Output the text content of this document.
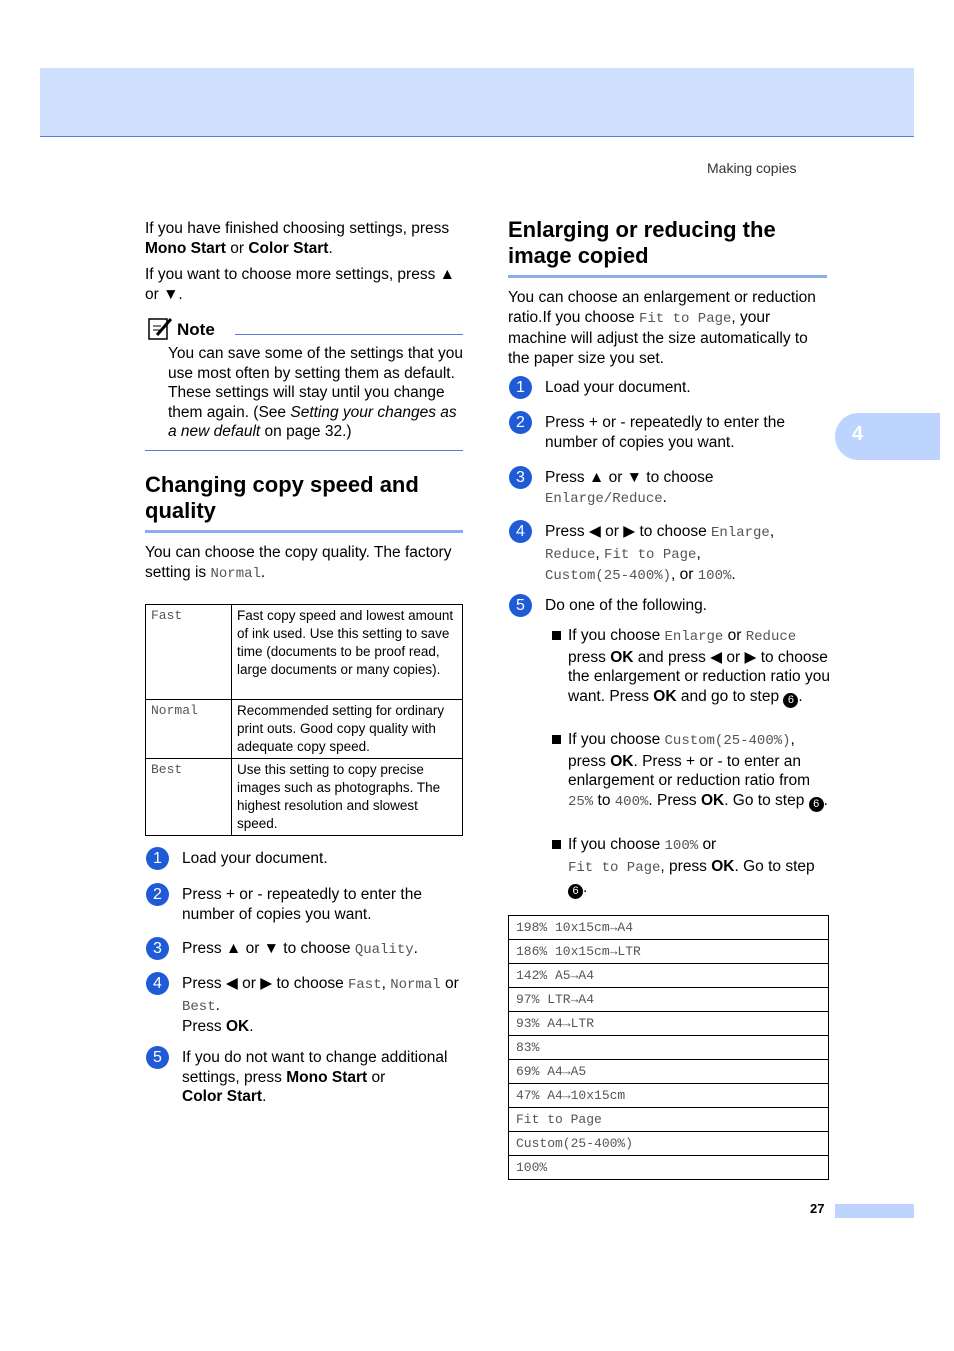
Making copies
4

If you have finished choosing settings, press
Mono Start or Color Start.

If you want to choose more settings, press ▲ or ▼.

Note
You can save some of the settings that you use most often by setting them as default. These settings will stay until you change them again. (See Setting your changes as a new default on page 32.)
Changing copy speed and quality

You can choose the copy quality. The factory setting is Normal.

Fast	Fast copy speed and lowest amount of ink used. Use this setting to save time (documents to be proof read, large documents or many copies).
Normal	Recommended setting for ordinary print outs. Good copy quality with adequate copy speed.
Best	Use this setting to copy precise images such as photographs. The highest resolution and slowest speed.
1	Load your document.
2	Press + or - repeatedly to enter the number of copies you want.
3	Press ▲ or ▼ to choose Quality.
4	Press ◀ or ▶ to choose Fast, Normal or
Best.
Press OK.
5	If you do not want to change additional settings, press Mono Start or
Color Start.
Enlarging or reducing the image copied

You can choose an enlargement or reduction ratio.If you choose Fit to Page, your machine will adjust the size automatically to the paper size you set.

1	Load your document.
2	Press + or - repeatedly to enter the number of copies you want.
3	Press ▲ or ▼ to choose
Enlarge/Reduce.
4	Press ◀ or ▶ to choose Enlarge,
Reduce, Fit to Page,
Custom(25-400%), or 100%.
5	Do one of the following.
If you choose Enlarge or Reduce press OK and press ◀ or ▶ to choose the enlargement or reduction ratio you want. Press OK and go to step 6 .
If you choose Custom(25-400%), press OK. Press + or - to enter an enlargement or reduction ratio from 25% to 400%. Press OK. Go to step 6 .
If you choose 100% or
Fit to Page, press OK. Go to step 6 .
198% 10x15cm→A4
186% 10x15cm→LTR
142% A5→A4
97% LTR→A4
93% A4→LTR
83%
69% A4→A5
47% A4→10x15cm
Fit to Page
Custom(25-400%)
100%
27
